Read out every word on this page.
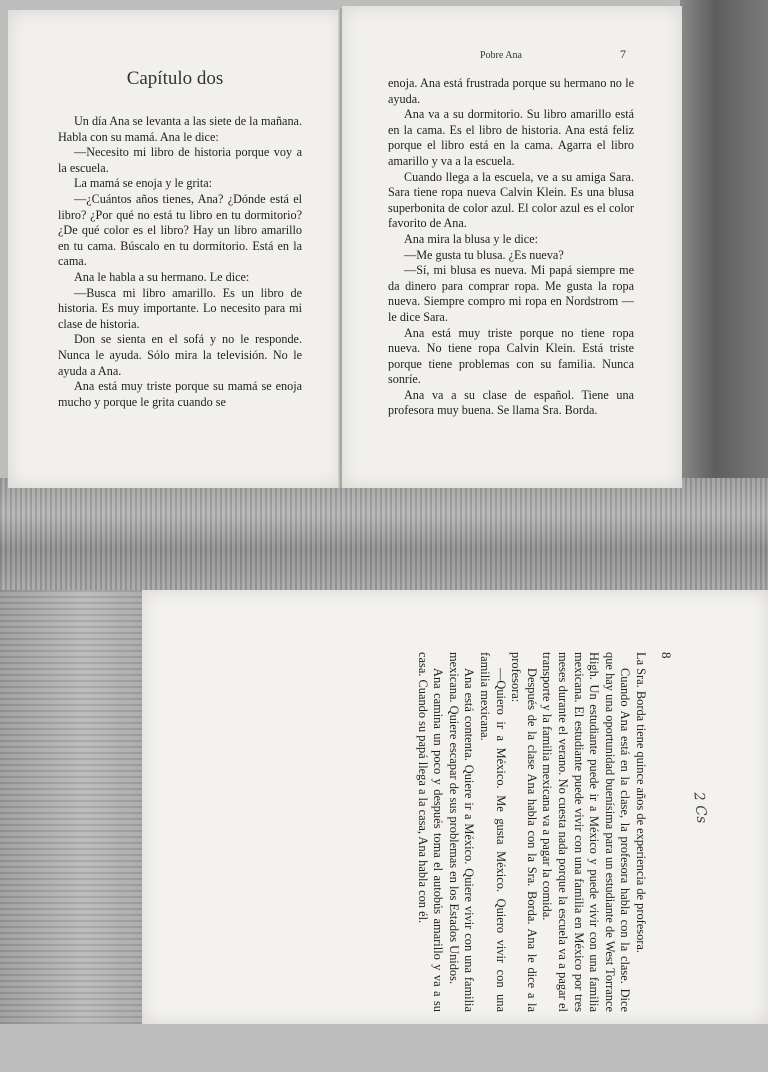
Capítulo dos

Un día Ana se levanta a las siete de la mañana. Habla con su mamá. Ana le dice:

—Necesito mi libro de historia porque voy a la escuela.

La mamá se enoja y le grita:

—¿Cuántos años tienes, Ana? ¿Dónde está el libro? ¿Por qué no está tu libro en tu dormitorio? ¿De qué color es el libro? Hay un libro amarillo en tu cama. Búscalo en tu dormitorio. Está en la cama.

Ana le habla a su hermano. Le dice:

—Busca mi libro amarillo. Es un libro de historia. Es muy importante. Lo necesito para mi clase de historia.

Don se sienta en el sofá y no le responde. Nunca le ayuda. Sólo mira la televisión. No le ayuda a Ana.

Ana está muy triste porque su mamá se enoja mucho y porque le grita cuando se

Pobre Ana	7

enoja. Ana está frustrada porque su hermano no le ayuda.

Ana va a su dormitorio. Su libro amarillo está en la cama. Es el libro de historia. Ana está feliz porque el libro está en la cama. Agarra el libro amarillo y va a la escuela.

Cuando llega a la escuela, ve a su amiga Sara. Sara tiene ropa nueva Calvin Klein. Es una blusa superbonita de color azul. El color azul es el color favorito de Ana.

Ana mira la blusa y le dice:

—Me gusta tu blusa. ¿Es nueva?

—Sí, mi blusa es nueva. Mi papá siempre me da dinero para comprar ropa. Me gusta la ropa nueva. Siempre compro mi ropa en Nordstrom —le dice Sara.

Ana está muy triste porque no tiene ropa nueva. No tiene ropa Calvin Klein. Está triste porque tiene problemas con su familia. Nunca sonríe.

Ana va a su clase de español. Tiene una profesora muy buena. Se llama Sra. Borda.

8
2 Cs

La Sra. Borda tiene quince años de experiencia de profesora.

Cuando Ana está en la clase, la profesora habla con la clase. Dice que hay una oportunidad buenísima para un estudiante de West Torrance High. Un estudiante puede ir a México y puede vivir con una familia mexicana. El estudiante puede vivir con una familia en México por tres meses durante el verano. No cuesta nada porque la escuela va a pagar el transporte y la familia mexicana va a pagar la comida.

Después de la clase Ana habla con la Sra. Borda. Ana le dice a la profesora:

—Quiero ir a México. Me gusta México. Quiero vivir con una familia mexicana.

Ana está contenta. Quiere ir a México. Quiere vivir con una familia mexicana. Quiere escapar de sus problemas en los Estados Unidos.

Ana camina un poco y después toma el autobús amarillo y va a su casa. Cuando su papá llega a la casa, Ana habla con él.
